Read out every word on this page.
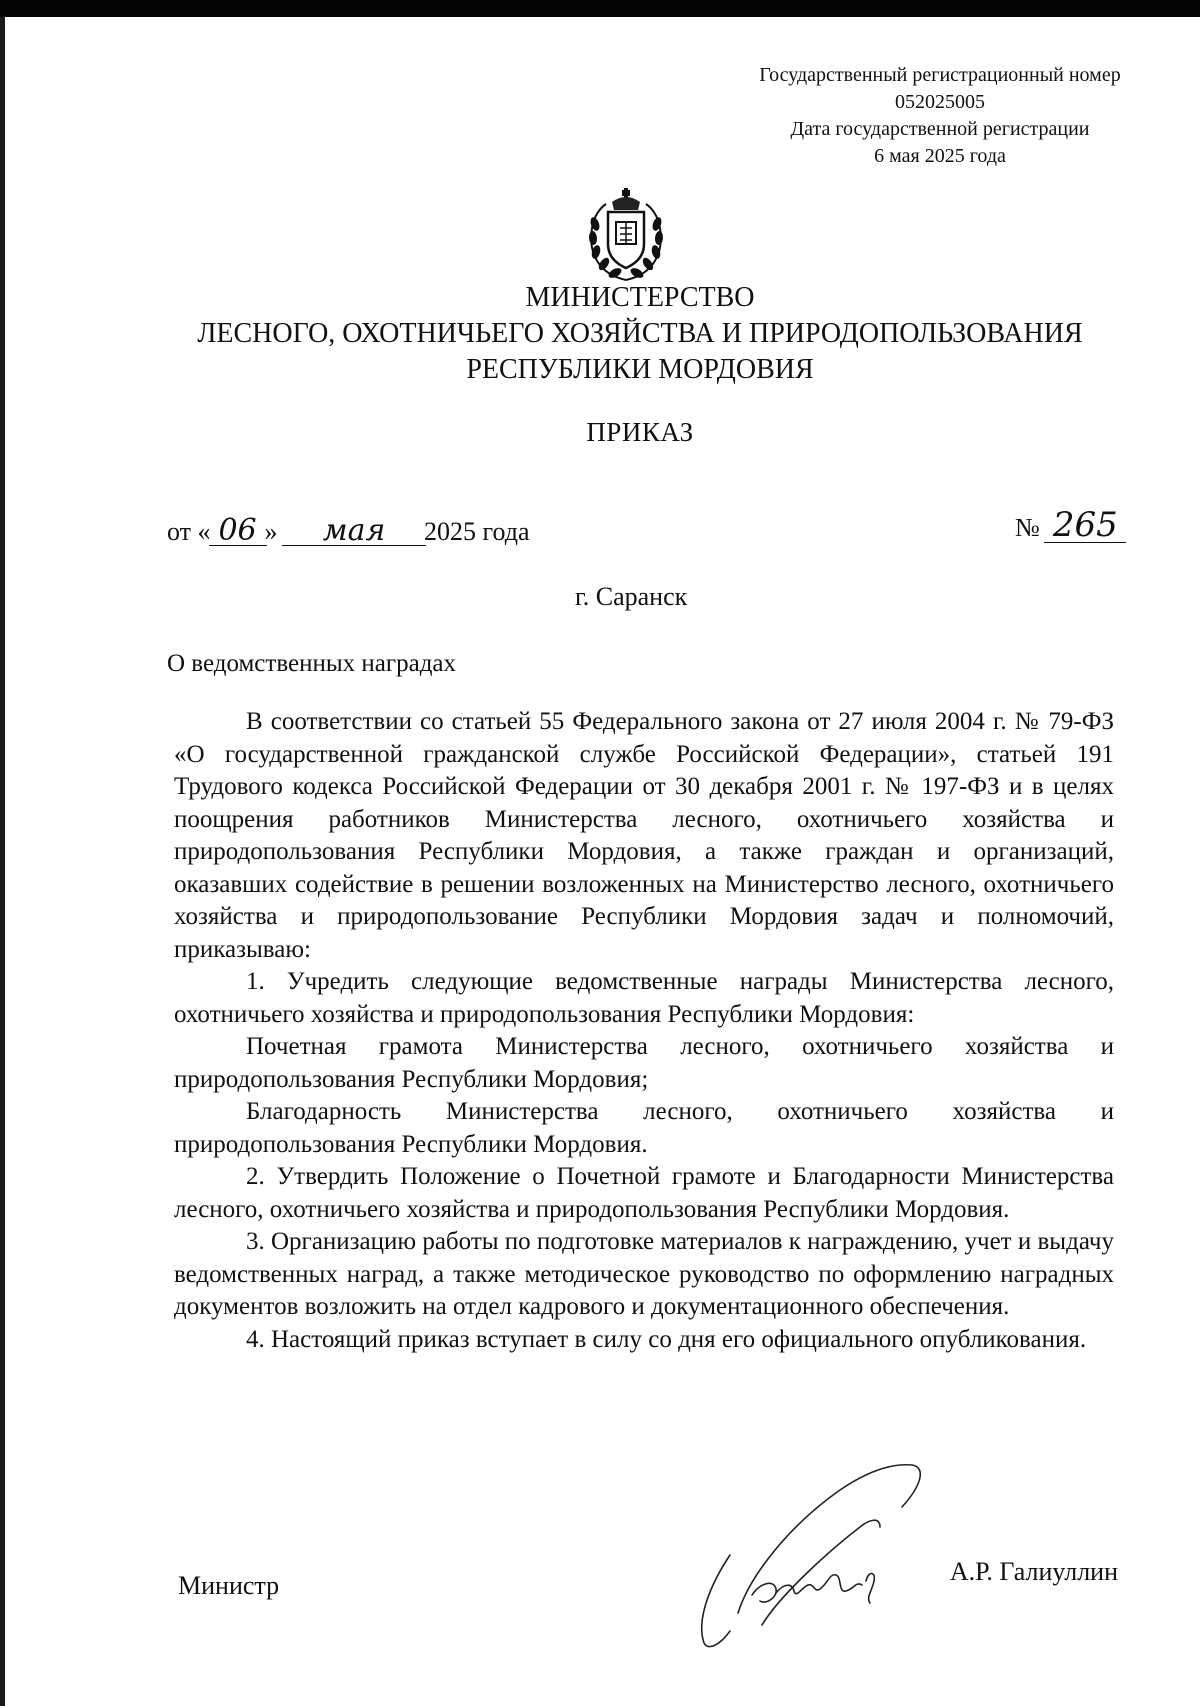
Государственный регистрационный номер
052025005
Дата государственной регистрации
6 мая 2025 года
МИНИСТЕРСТВО
ЛЕСНОГО, ОХОТНИЧЬЕГО ХОЗЯЙСТВА И ПРИРОДОПОЛЬЗОВАНИЯ
РЕСПУБЛИКИ МОРДОВИЯ
ПРИКАЗ
от « 06 » мая 2025 года	№ 265
г. Саранск
О ведомственных наградах

В соответствии со статьей 55 Федерального закона от 27 июля 2004 г. № 79-ФЗ «О государственной гражданской службе Российской Федерации», статьей 191 Трудового кодекса Российской Федерации от 30 декабря 2001 г. № 197-ФЗ и в целях поощрения работников Министерства лесного, охотничьего хозяйства и природопользования Республики Мордовия, а также граждан и организаций, оказавших содействие в решении возложенных на Министерство лесного, охотничьего хозяйства и природопользование Республики Мордовия задач и полномочий, приказываю:

1. Учредить следующие ведомственные награды Министерства лесного, охотничьего хозяйства и природопользования Республики Мордовия:

Почетная грамота Министерства лесного, охотничьего хозяйства и природопользования Республики Мордовия;

Благодарность Министерства лесного, охотничьего хозяйства и природопользования Республики Мордовия.

2. Утвердить Положение о Почетной грамоте и Благодарности Министерства лесного, охотничьего хозяйства и природопользования Республики Мордовия.

3. Организацию работы по подготовке материалов к награждению, учет и выдачу ведомственных наград, а также методическое руководство по оформлению наградных документов возложить на отдел кадрового и документационного обеспечения.

4. Настоящий приказ вступает в силу со дня его официального опубликования.

Министр	А.Р. Галиуллин
